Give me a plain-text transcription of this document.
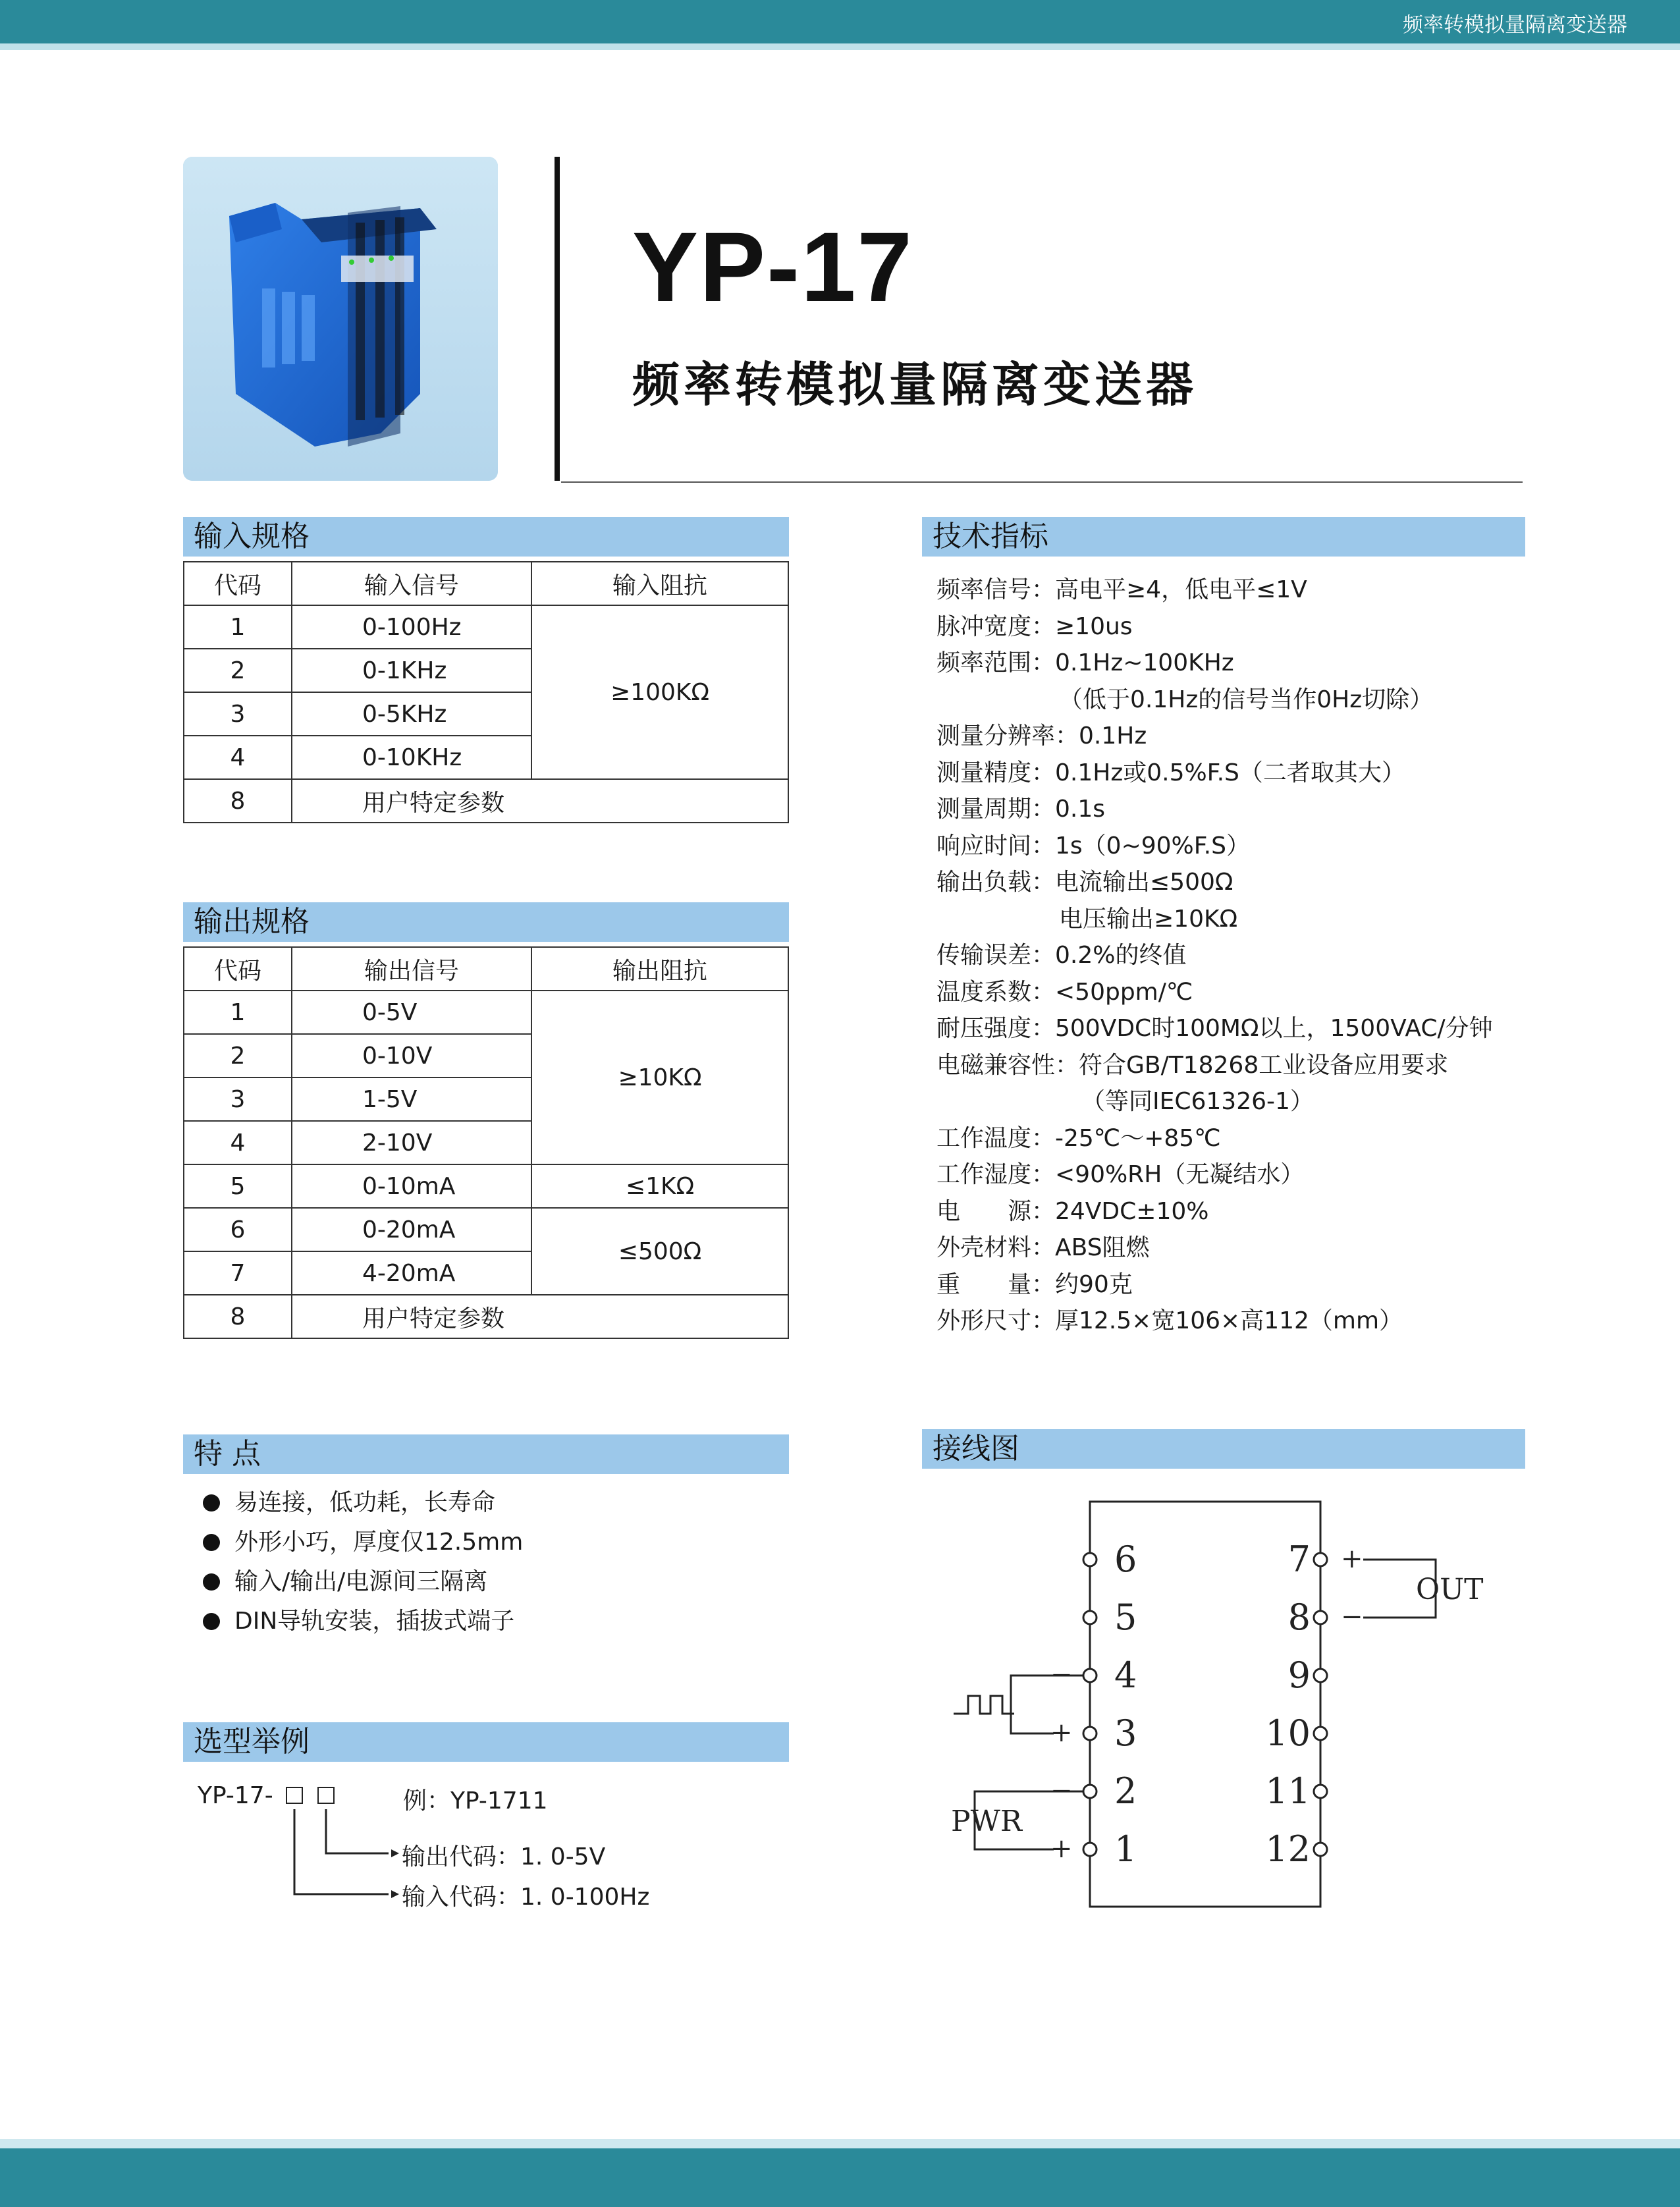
频率转模拟量隔离变送器
YP-17
频率转模拟量隔离变送器
输入规格
代码	输入信号	输入阻抗
1	0-100Hz	≥100KΩ
2	0-1KHz	
3	0-5KHz	
4	0-10KHz	
8	用户特定参数	
输出规格
代码	输出信号	输出阻抗
1	0-5V	≥10KΩ
2	0-10V	
3	1-5V	
4	2-10V	
5	0-10mA	≤1KΩ
6	0-20mA	≤500Ω
7	4-20mA	
8	用户特定参数	
技术指标
频率信号：高电平≥4，低电平≤1V
脉冲宽度：≥10us
频率范围：0.1Hz~100KHz
（低于0.1Hz的信号当作0Hz切除）
测量分辨率：0.1Hz
测量精度：0.1Hz或0.5%F.S（二者取其大）
测量周期：0.1s
响应时间：1s（0~90%F.S）
输出负载：电流输出≤500Ω
电压输出≥10KΩ
传输误差：0.2%的终值
温度系数：<50ppm/℃
耐压强度：500VDC时100MΩ以上，1500VAC/分钟
电磁兼容性：符合GB/T18268工业设备应用要求
（等同IEC61326-1）
工作温度：-25℃～+85℃
工作湿度：<90%RH（无凝结水）
电　　源：24VDC±10%
外壳材料：ABS阻燃
重　　量：约90克
外形尺寸：厚12.5×宽106×高112（mm）
特 点
易连接，低功耗，长寿命
外形小巧，厚度仅12.5mm
输入/输出/电源间三隔离
DIN导轨安装，插拔式端子
选型举例
YP-17-	例：YP-1711
输出代码：1. 0-5V
输入代码：1. 0-100Hz
接线图
6
5
4
3
2
1
7
8
9
10
11
12
+
−
−
+
−
+
OUT
PWR
